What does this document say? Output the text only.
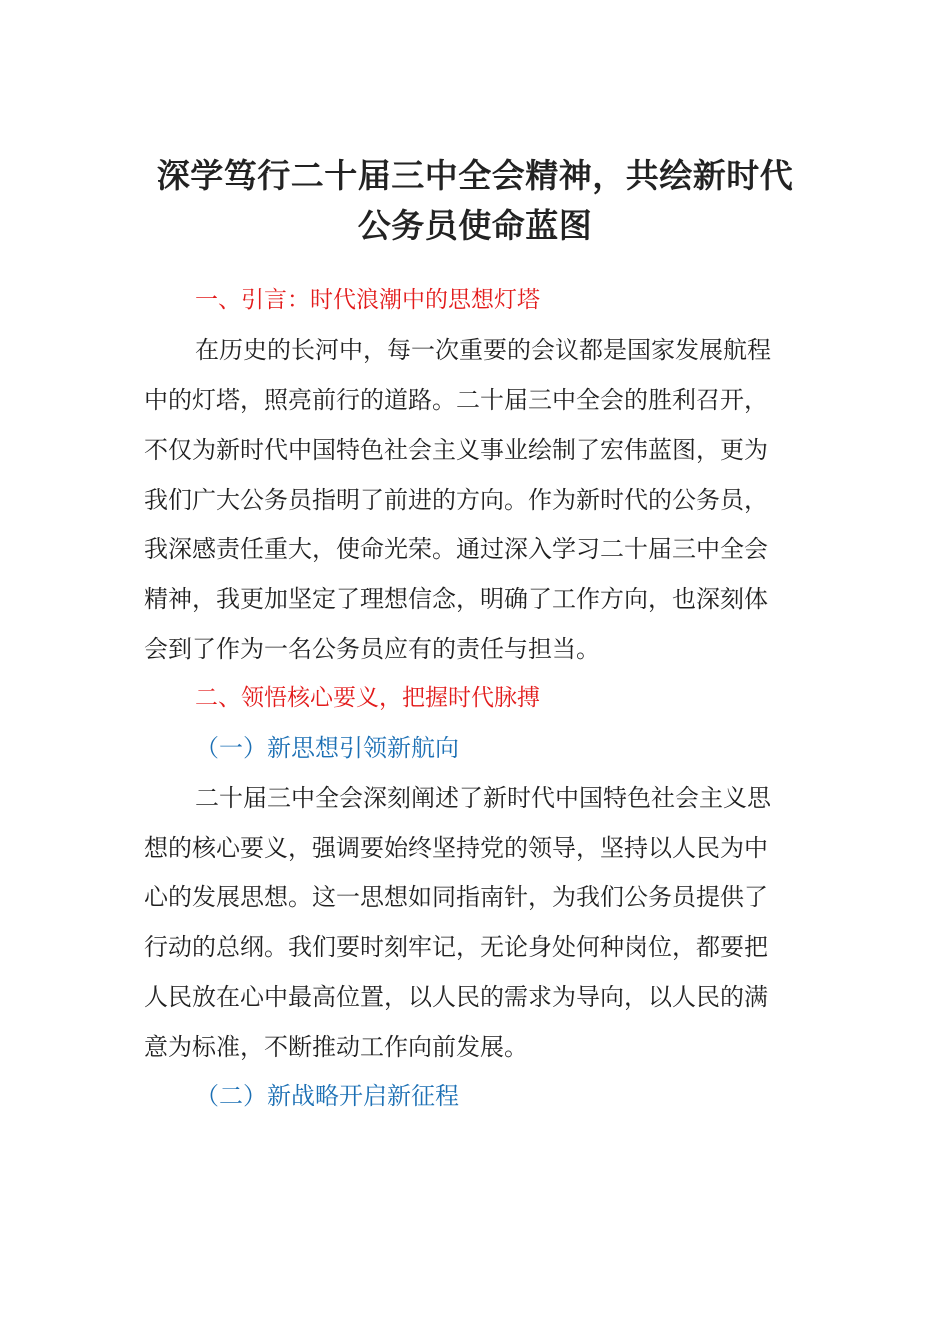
深学笃行二十届三中全会精神，共绘新时代
公务员使命蓝图
一、引言：时代浪潮中的思想灯塔
在历史的长河中，每一次重要的会议都是国家发展航程
中的灯塔，照亮前行的道路。二十届三中全会的胜利召开，
不仅为新时代中国特色社会主义事业绘制了宏伟蓝图，更为
我们广大公务员指明了前进的方向。作为新时代的公务员，
我深感责任重大，使命光荣。通过深入学习二十届三中全会
精神，我更加坚定了理想信念，明确了工作方向，也深刻体
会到了作为一名公务员应有的责任与担当。
二、领悟核心要义，把握时代脉搏
（一）新思想引领新航向
二十届三中全会深刻阐述了新时代中国特色社会主义思
想的核心要义，强调要始终坚持党的领导，坚持以人民为中
心的发展思想。这一思想如同指南针，为我们公务员提供了
行动的总纲。我们要时刻牢记，无论身处何种岗位，都要把
人民放在心中最高位置，以人民的需求为导向，以人民的满
意为标准，不断推动工作向前发展。
（二）新战略开启新征程
